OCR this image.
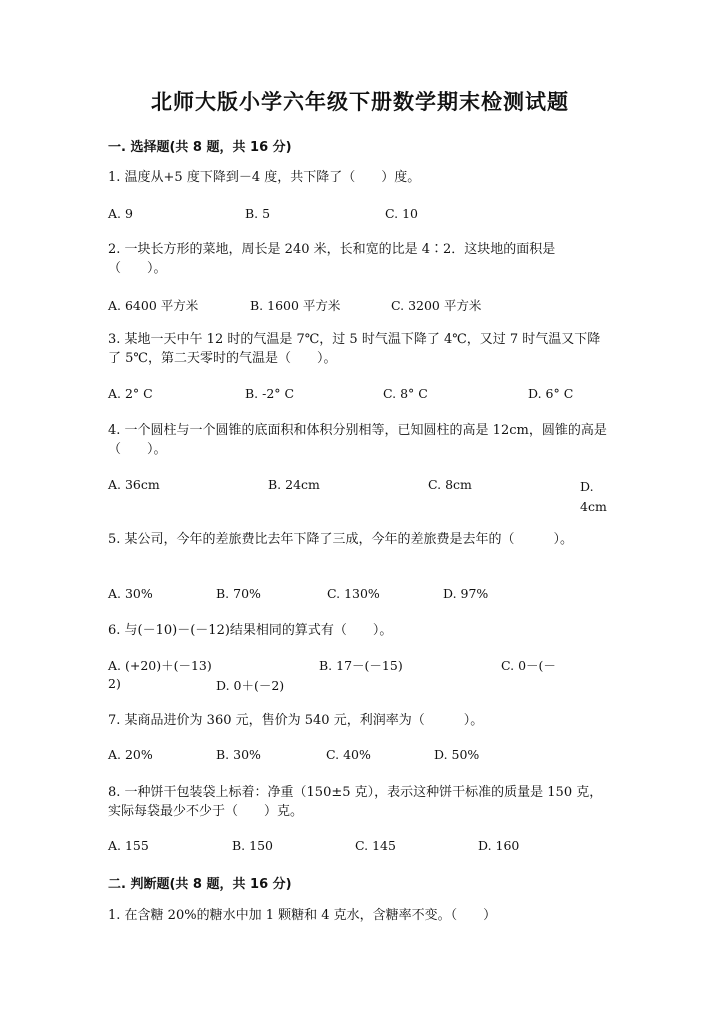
北师大版小学六年级下册数学期末检测试题
一. 选择题(共 8 题，共 16 分)
1. 温度从+5 度下降到－4 度，共下降了（　　）度。
A. 9	B. 5	C. 10
2. 一块长方形的菜地，周长是 240 米，长和宽的比是 4∶2．这块地的面积是（　　）。
A. 6400 平方米	B. 1600 平方米	C. 3200 平方米
3. 某地一天中午 12 时的气温是 7℃，过 5 时气温下降了 4℃，又过 7 时气温又下降了 5℃，第二天零时的气温是（　　）。
A. 2° C	B. -2° C	C. 8° C	D. 6° C
4. 一个圆柱与一个圆锥的底面积和体积分别相等，已知圆柱的高是 12cm，圆锥的高是（　　）。
A. 36cm	B. 24cm	C. 8cm	D. 4cm
5. 某公司，今年的差旅费比去年下降了三成，今年的差旅费是去年的（　　　）。
A. 30%	B. 70%	C. 130%	D. 97%
6. 与(－10)－(－12)结果相同的算式有（　　）。
A. (+20)＋(－13)	B. 17－(－15)	C. 0－(－
2)	D. 0＋(－2)
7. 某商品进价为 360 元，售价为 540 元，利润率为（　　　）。
A. 20%	B. 30%	C. 40%	D. 50%
8. 一种饼干包装袋上标着：净重（150±5 克），表示这种饼干标准的质量是 150 克，实际每袋最少不少于（　　）克。
A. 155	B. 150	C. 145	D. 160
二. 判断题(共 8 题，共 16 分)
1. 在含糖 20%的糖水中加 1 颗糖和 4 克水，含糖率不变。（　　）
